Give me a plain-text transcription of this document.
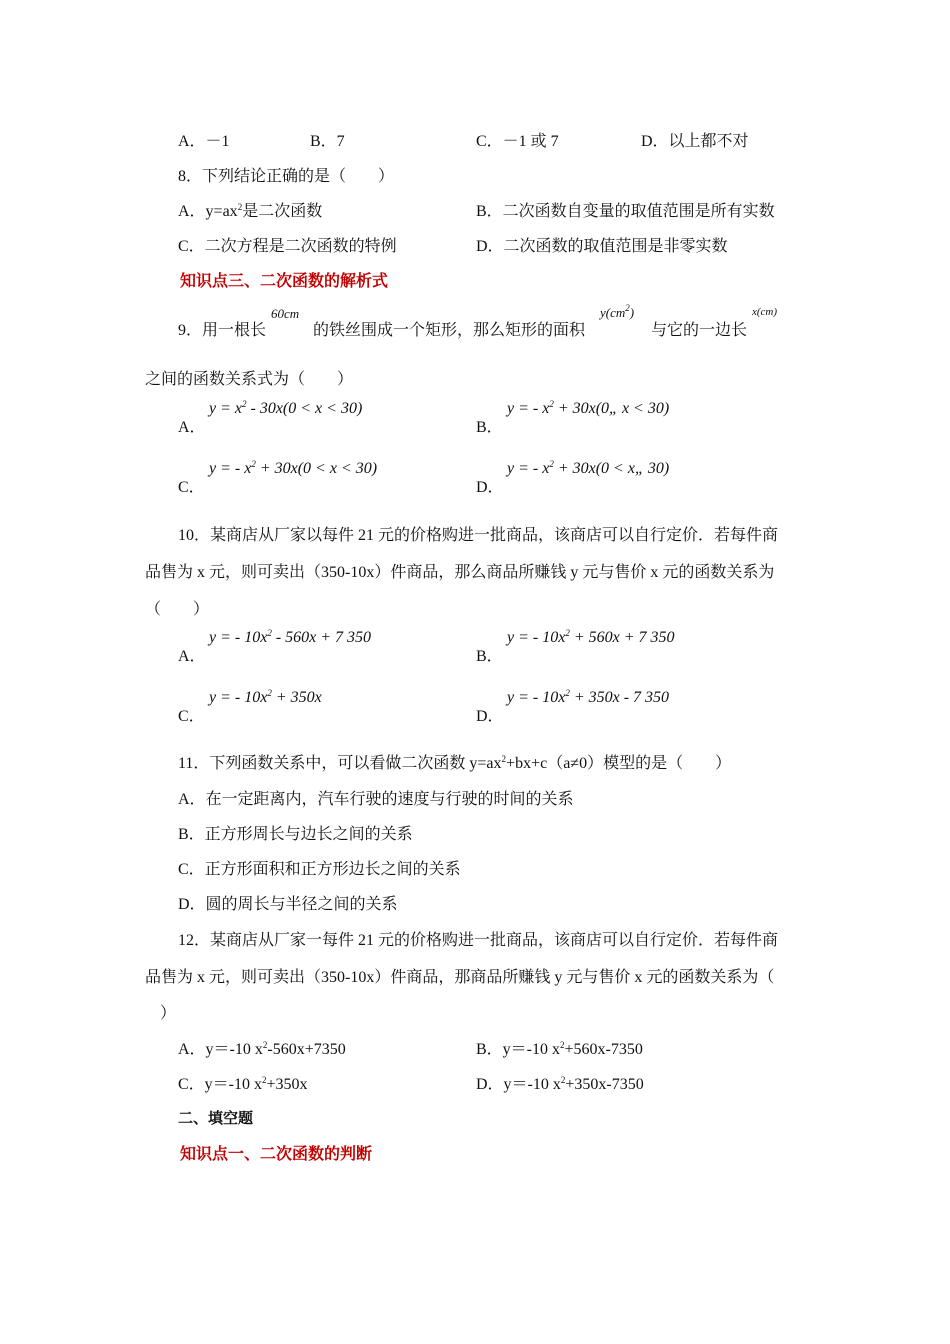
A．－1	B．7	C．－1 或 7	D．以上都不对
8．下列结论正确的是（　　）
A．$y=ax^2$是二次函数	B．二次函数自变量的取值范围是所有实数
C．二次方程是二次函数的特例	D．二次函数的取值范围是非零实数
知识点三、二次函数的解析式
9．用一根长
60cm
的铁丝围成一个矩形，那么矩形的面积
$y(cm^2)$
与它的一边长
x(cm)
之间的函数关系式为（　　）
A．
$y = x^2 - 30x(0 < x < 30)$
B．
y = - $x^2$ + 30x(0„ x < 30)
C．
y = - $x^2 + 30x(0 < x < 30)$
D．
y = - $x^2 + 30x(0$ < x„ 30)
10．某商店从厂家以每件 21 元的价格购进一批商品，该商店可以自行定价．若每件商
品售为 x 元，则可卖出（350-10x）件商品，那么商品所赚钱 y 元与售价 x 元的函数关系为
（　　）
A．
y = - $10x^2 - 560x + 7$ 350
B．
y = - $10x^2 + 560x + 7$ 350
C．
y = - $10x^2 + 350x$
D．
y = - $10x^2 + 350x - 7$ 350
11．下列函数关系中，可以看做二次函数 $y=ax^2+bx+c(a\ne 0)$模型的是（　　）
A．在一定距离内，汽车行驶的速度与行驶的时间的关系
B．正方形周长与边长之间的关系
C．正方形面积和正方形边长之间的关系
D．圆的周长与半径之间的关系
12．某商店从厂家一每件 21 元的价格购进一批商品，该商店可以自行定价．若每件商
品售为 x 元，则可卖出（350-10x）件商品，那商品所赚钱 y 元与售价 x 元的函数关系为（
）
A．y＝-10 $x^2-560x+7350$	B．y＝-10 $x^2+560x-7350$
C．y＝-10 $x^2+350x$	D．y＝-10 $x^2+350x-7350$
二、填空题
知识点一、二次函数的判断
